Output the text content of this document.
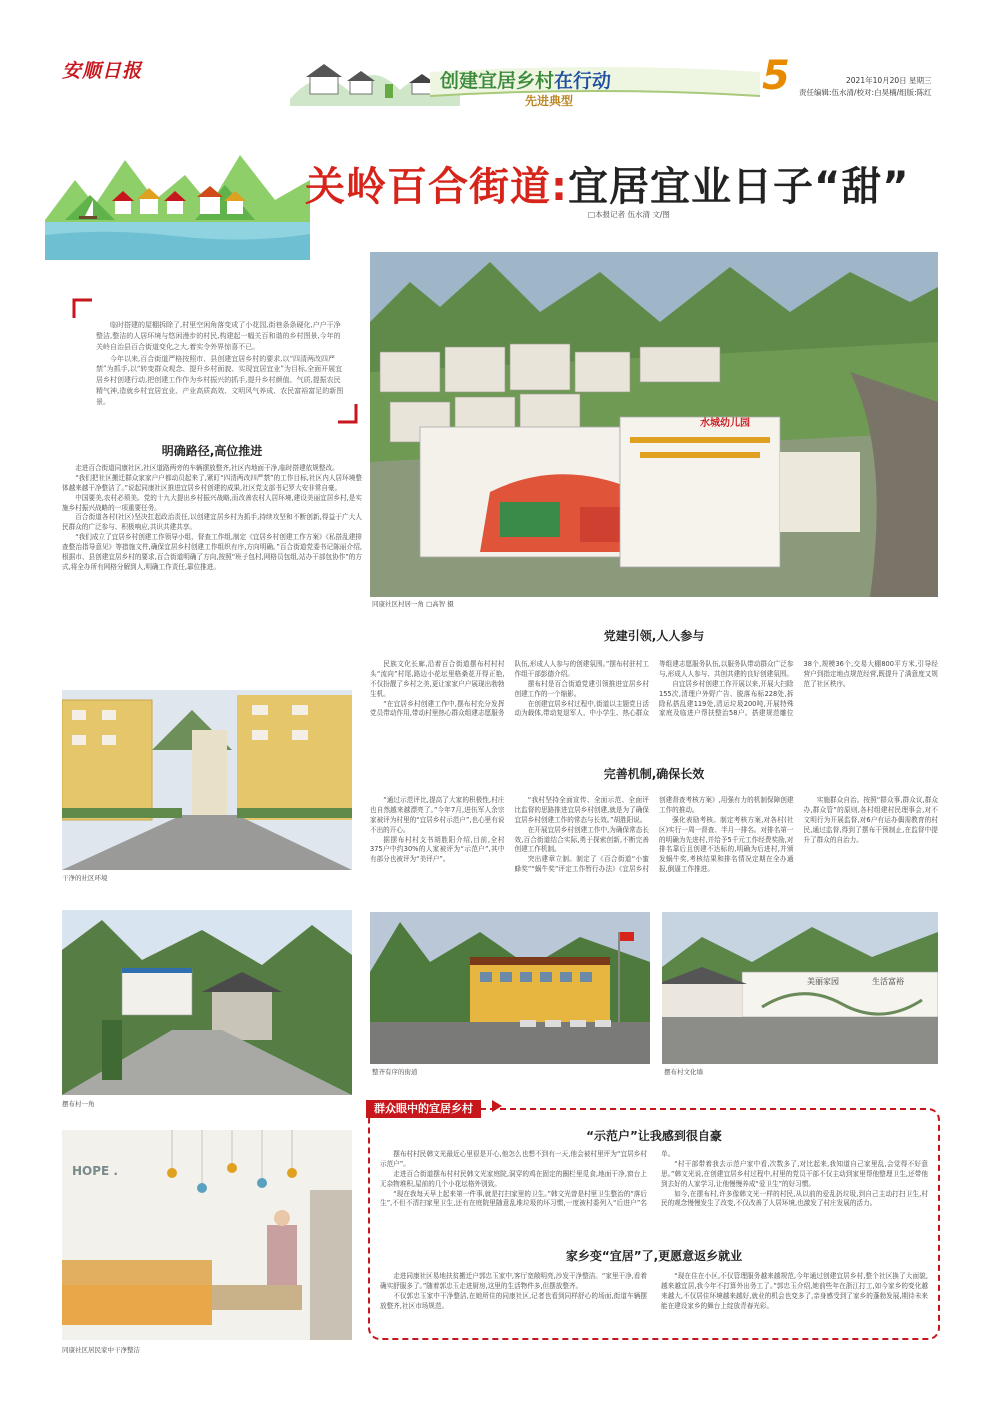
安顺日报	创建宜居乡村在行动
先进典型
5	2021年10月20日 星期三
责任编辑:伍水清/校对:白昊楠/组版:陈红
关岭百合街道:宜居宜业日子“甜”
□本报记者 伍水清 文/图

临时搭建的屋棚拆除了,村里空闲角落变成了小花园,街巷条条硬化,户户干净整洁,整洁的人居环境与悠闲漫步的村民,构建起一幅关百和谐的乡村图景,今年的关岭自治县百合街道变化之大,着实令外界惊喜不已。

今年以来,百合街道严格按照市、县创建宜居乡村的要求,以“四清两改四严禁”为抓手,以“转变群众观念、提升乡村面貌、实现宜居宜业”为目标,全面开展宜居乡村创建行动,把创建工作作为乡村振兴的抓手,提升乡村颜值、气质,提振农民精气神,造就乡村宜居宜业、产业高质高效、文明风气养成、农民富裕富足的新图景。

明确路径,高位推进

走进百合街道同康社区,社区道路两旁的车辆摆放整齐,社区内地面干净,临时搭建依规整改。

“我们把社区搬迁群众家家户户都动员起来了,紧盯“四清两改四严禁”的工作目标,社区内人居环境整体越来越干净整洁了。”说起同康社区推进宜居乡村创建的成果,社区党支部书记罗大安非常自豪。

中国要美,农村必须美。党的十九大提出乡村振兴战略,而改善农村人居环境,建设美丽宜居乡村,是实施乡村振兴战略的一项重要任务。

百合街道各村(社区)坚决扛起政治责任,以创建宜居乡村为抓手,持续攻坚和不断创新,得益于广大人民群众的广泛参与、积极响应,共识共建共享。

“我们成立了宜居乡村创建工作领导小组、督查工作组,制定《宜居乡村创建工作方案》《私搭乱建排查整治指导意见》等措施文件,确保宜居乡村创建工作组织有序,方向明确。”百合街道党委书记陈丽介绍,根据市、县创建宜居乡村的要求,百合街道明确了方向,按照“班子包村,网格员包组,站办干部包协作”的方式,将全办所有网格分解到人,明确工作责任,靠位推进。

水城幼儿园
同康社区村居一角 □高智 摄
党建引领,人人参与

民族文化长廊,沿着百合街道摆布村村村头“流向”村尾,路边小花坛里格桑花开得正艳,不仅扮靓了乡村之美,更让家家户户展现出勃勃生机。

“在宜居乡村创建工作中,摆布村充分发挥党员带动作用,带动村里热心群众组建志愿服务队伍,形成人人参与的创建氛围。”摆布村驻村工作组干部彭德介绍。

摆布村是百合街道党建引领推进宜居乡村创建工作的一个缩影。

在创建宜居乡村过程中,街道以主题党日活动为载体,带动复退军人、中小学生、热心群众等组建志愿服务队伍,以服务队带动群众广泛参与,形成人人参与、共创共建的良好创建氛围。

自宜居乡村创建工作开展以来,开展大扫除155次,清理户外野广告、脱落布标228处,拆除私搭乱建119处,清运垃圾200吨,开展特殊家庭及临进户帮扶整治58户。搭建规范雕位38个,规模36个,交易大棚800平方米,引导经营户到指定地点规范经营,既提升了满意度又规范了社区秩序。

干净的社区环境
完善机制,确保长效

“通过示范评比,提高了大家的积极性,村庄也自然越来越漂亮了。”今年7月,进伍军人余宗家被评为村里的“宜居乡村示范户”,也心里有说不出的开心。

据摆布村村支书胡胜阳介绍,目前,全村375户中约30%的人家被评为“示范户”,其中有部分也被评为“美评户”。

“我村坚持全面宣传、全面示范、全面评比监督的思路推进宜居乡村创建,就是为了确保宜居乡村创建工作的常态与长效。”胡胜阳说。

在开展宜居乡村创建工作中,为确保常态长效,百合街道结合实际,勇于探索创新,不断完善创建工作机制。

突出建章立制。制定了《百合街道“小蜜蜂奖”“蜗牛奖”评定工作暂行办法》《宜居乡村创建督查考核方案》,用强有力的机制保障创建工作的推动。

强化表励考核。制定考核方案,对各村(社区)实行一周一督查、半月一排名。对排名第一的明确为先进村,并给予5千元工作经费奖励,对排名靠后且创建不达标的,明确为后进村,并颁发蜗牛奖,考核结果和排名情况定期在全办通报,倒逼工作推进。

实施群众自治。按照“群众事,群众议,群众办,群众管”的原则,各村组建村民理事会,对不文明行为开展监督,对6户有运办偶需教育的村民,通过监督,得到了摆布干预制止,在监督中提升了群众的自治力。

摆布村一角
整齐有序的街道
美丽家园	生活富裕
摆布村文化墙
HOPE .
同康社区居民家中干净整洁
群众眼中的宜居乡村
“示范户”让我感到很自豪

摆布村村民韩文光最近心里很是开心,他怎么也想不到有一天,他会被村里评为“宜居乡村示范户”。

走进百合街道摆布村村民韩文光家庭院,洞穿的鸡在固定的圈栏里觅食,地面干净,窗台上无杂物堆积,屋前的几个小花坛格外别致。

“现在我每天早上起来第一件事,就是打扫家里的卫生。”韩文光曾是村里卫生整治的“落后生”,不但不清扫家里卫生,还有在庭院里随意乱堆垃圾的坏习惯,一度被村委列入“后进户”名单。

“村干部带着我去示范户家中看,次数多了,对比起来,我知道自己家里乱,会觉得不好意思。”韩文光说,在创建宜居乡村过程中,村里的党员干部不仅主动到家里帮他整理卫生,还带他到去好的人家学习,让他慢慢养成“爱卫生”的好习惯。

如今,在摆布村,许多像韩文光一样的村民,从以前的爱乱扔垃圾,到自己主动打扫卫生,村民的观念慢慢发生了改变,不仅改善了人居环境,也激发了村庄发展的活力。

家乡变“宜居”了,更愿意返乡就业

走进同康社区易地扶贫搬迁户郭忠玉家中,客厅宽敞明亮,沙发干净整洁。“家里干净,看着确实舒服多了。”随着郭忠玉走进厨房,这里的生活物件多,但摆放整齐。

不仅郭忠玉家中干净整洁,在她所住的同康社区,记者也看到同样舒心的场面,街道车辆摆放整齐,社区市场规范。

“现在住在小区,不仅管理服务越来越规范,今年通过创建宜居乡村,整个社区换了大面貌,越来越宜居,我今年不打算外出务工了。”郭忠玉介绍,她前些年在浙江打工,如今家乡的变化越来越大,不仅居住环境越来越好,就业的机会也变多了,亲身感受到了家乡的蓬勃发展,期待未来能在建设家乡的舞台上绽放青春光彩。
